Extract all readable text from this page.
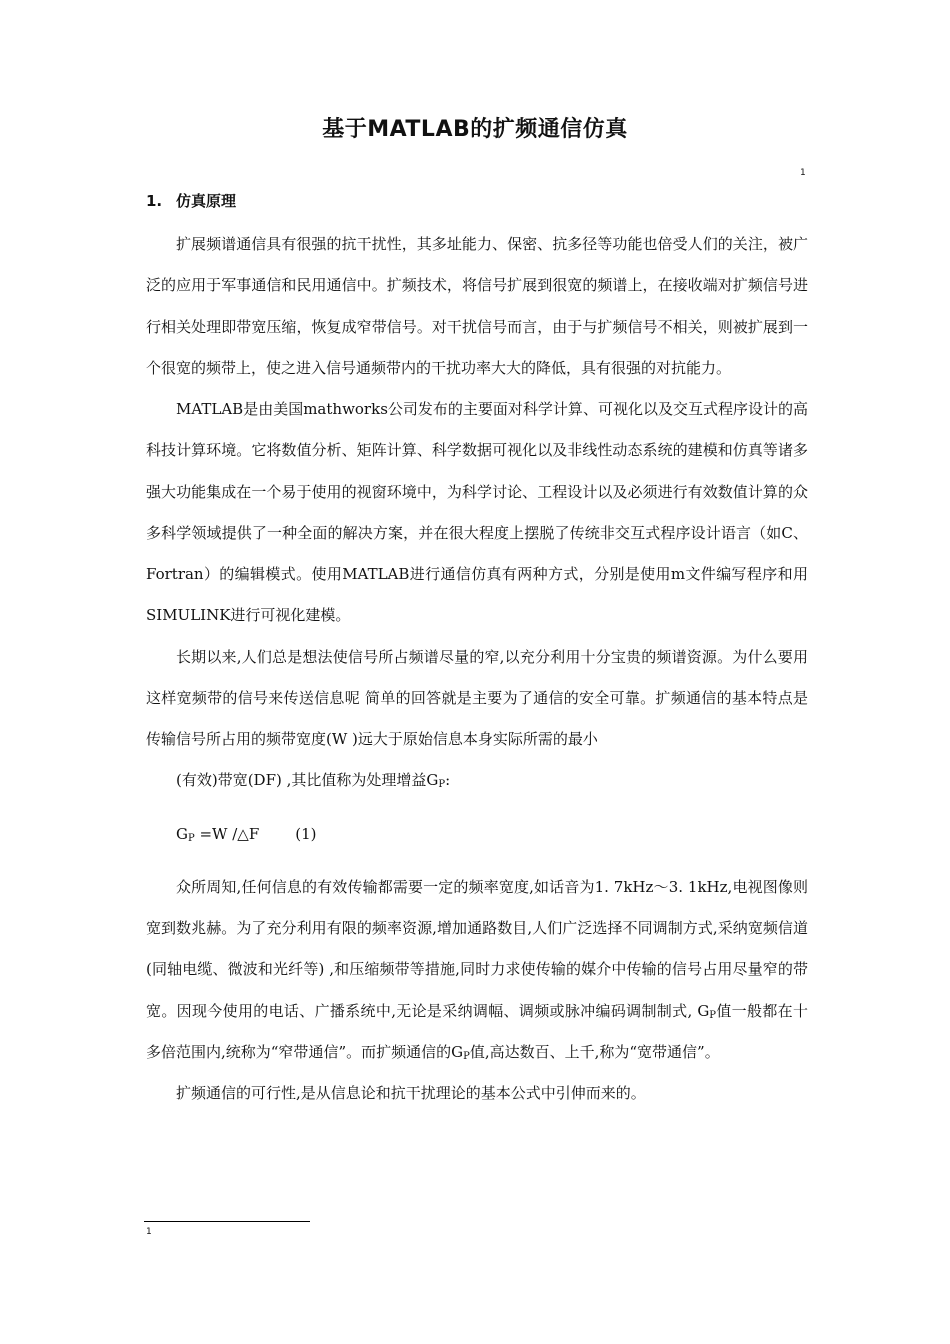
基于MATLAB的扩频通信仿真
1
1. 仿真原理

扩展频谱通信具有很强的抗干扰性，其多址能力、保密、抗多径等功能也倍受人们的关注，被广泛的应用于军事通信和民用通信中。扩频技术，将信号扩展到很宽的频谱上，在接收端对扩频信号进行相关处理即带宽压缩，恢复成窄带信号。对干扰信号而言，由于与扩频信号不相关，则被扩展到一个很宽的频带上，使之进入信号通频带内的干扰功率大大的降低，具有很强的对抗能力。

MATLAB是由美国mathworks公司发布的主要面对科学计算、可视化以及交互式程序设计的高科技计算环境。它将数值分析、矩阵计算、科学数据可视化以及非线性动态系统的建模和仿真等诸多强大功能集成在一个易于使用的视窗环境中，为科学讨论、工程设计以及必须进行有效数值计算的众多科学领域提供了一种全面的解决方案，并在很大程度上摆脱了传统非交互式程序设计语言（如C、Fortran）的编辑模式。使用MATLAB进行通信仿真有两种方式，分别是使用m文件编写程序和用SIMULINK进行可视化建模。

长期以来,人们总是想法使信号所占频谱尽量的窄,以充分利用十分宝贵的频谱资源。为什么要用这样宽频带的信号来传送信息呢 简单的回答就是主要为了通信的安全可靠。扩频通信的基本特点是传输信号所占用的频带宽度(W )远大于原始信息本身实际所需的最小

(有效)带宽(DF) ,其比值称为处理增益$G_P$:
$G_P =W$ /△F (1)

众所周知,任何信息的有效传输都需要一定的频率宽度,如话音为1. 7kHz～3. 1kHz,电视图像则宽到数兆赫。为了充分利用有限的频率资源,增加通路数目,人们广泛选择不同调制方式,采纳宽频信道(同轴电缆、微波和光纤等) ,和压缩频带等措施,同时力求使传输的媒介中传输的信号占用尽量窄的带宽。因现今使用的电话、广播系统中,无论是采纳调幅、调频或脉冲编码调制制式, $G_P$值一般都在十多倍范围内,统称为“窄带通信”。而扩频通信的$G_P$值,高达数百、上千,称为“宽带通信”。

扩频通信的可行性,是从信息论和抗干扰理论的基本公式中引伸而来的。

1
